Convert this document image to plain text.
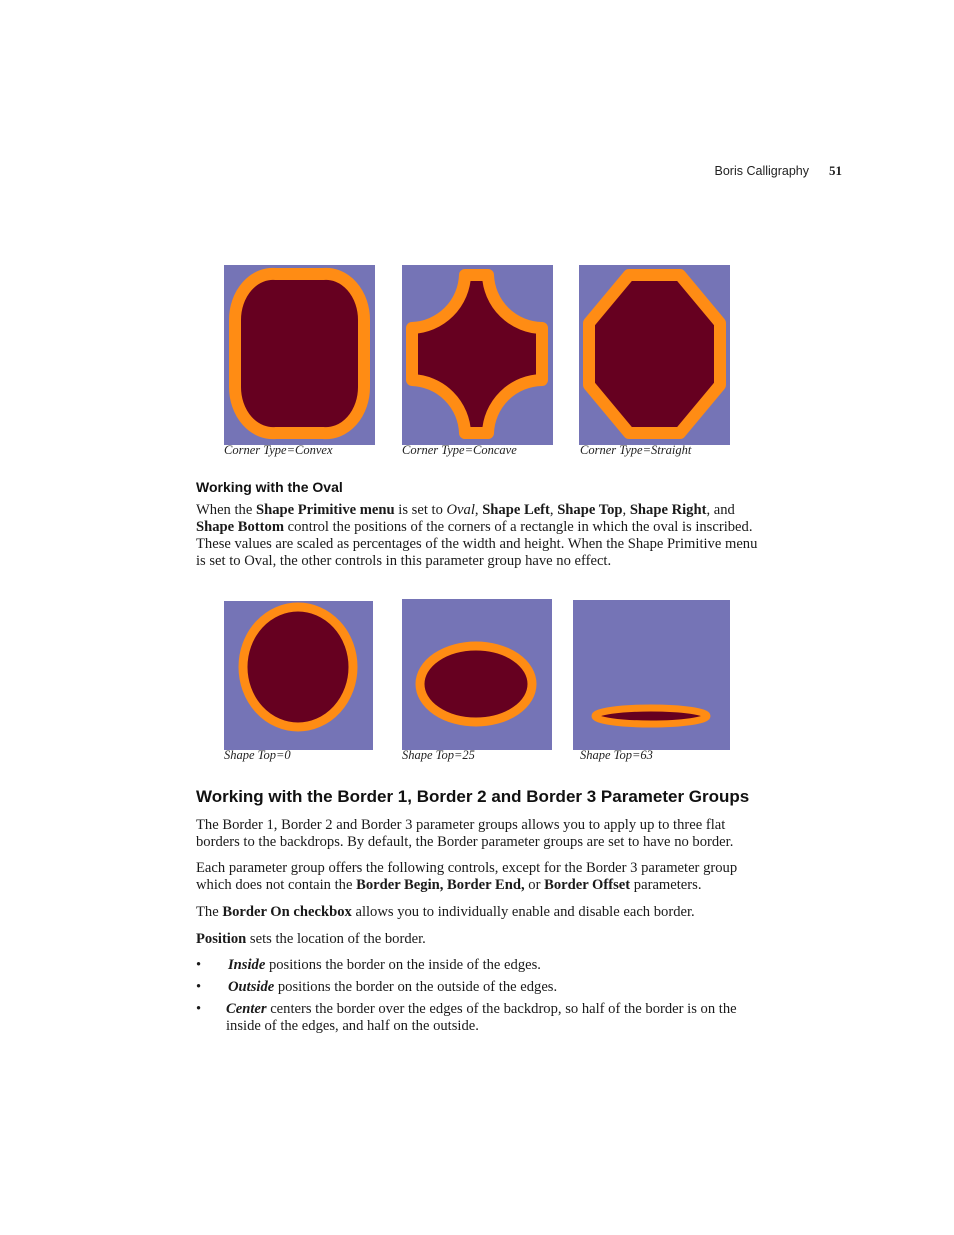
Boris Calligraphy 51
Corner Type=Convex	Corner Type=Concave	Corner Type=Straight
Working with the Oval
When the Shape Primitive menu is set to Oval, Shape Left, Shape Top, Shape Right, and Shape Bottom control the positions of the corners of a rectangle in which the oval is inscribed. These values are scaled as percentages of the width and height. When the Shape Primitive menu is set to Oval, the other controls in this parameter group have no effect.
Shape Top=0	Shape Top=25	Shape Top=63
Working with the Border 1, Border 2 and Border 3 Parameter Groups
The Border 1, Border 2 and Border 3 parameter groups allows you to apply up to three flat borders to the backdrops. By default, the Border parameter groups are set to have no border.
Each parameter group offers the following controls, except for the Border 3 parameter group which does not contain the Border Begin, Border End, or Border Offset parameters.
The Border On checkbox allows you to individually enable and disable each border.
Position sets the location of the border.
• Inside positions the border on the inside of the edges.
• Outside positions the border on the outside of the edges.
• Center centers the border over the edges of the backdrop, so half of the border is on the inside of the edges, and half on the outside.
